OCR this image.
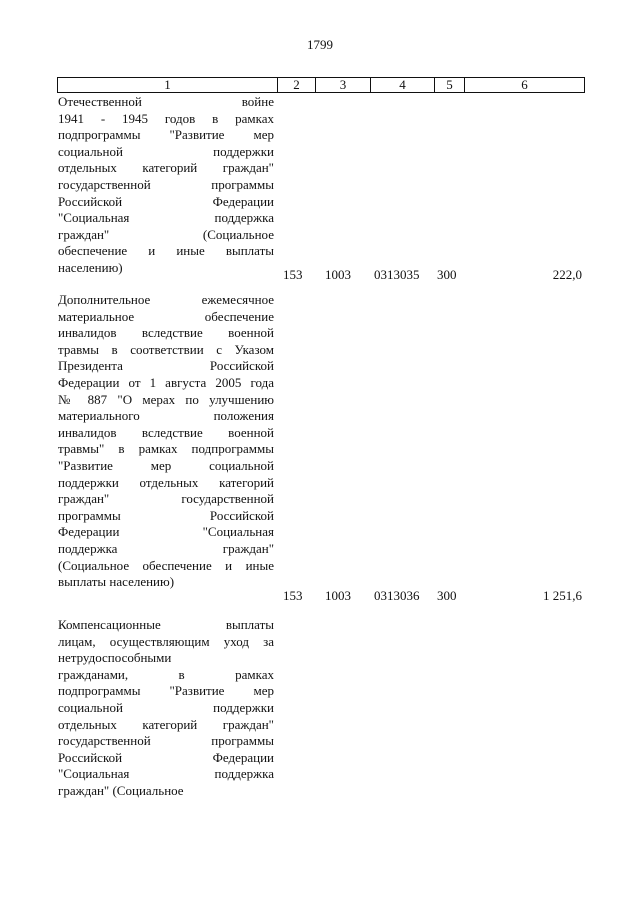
1799
1	2	3	4	5	6

Отечественной войне
1941 - 1945 годов в рамках
подпрограммы "Развитие мер
социальной поддержки
отдельных категорий граждан"
государственной программы
Российской Федерации
"Социальная поддержка
граждан" (Социальное
обеспечение и иные выплаты
населению)	153 1003 0313035 300	222,0

Дополнительное ежемесячное
материальное обеспечение
инвалидов вследствие военной
травмы в соответствии с Указом
Президента Российской
Федерации от 1 августа 2005 года
№ 887 "О мерах по улучшению
материального положения
инвалидов вследствие военной
травмы" в рамках подпрограммы
"Развитие мер социальной
поддержки отдельных категорий
граждан" государственной
программы Российской
Федерации "Социальная
поддержка граждан"
(Социальное обеспечение и иные
выплаты населению)

153 1003 0313036 300	1 251,6

Компенсационные выплаты
лицам, осуществляющим уход за
нетрудоспособными
гражданами, в рамках
подпрограммы "Развитие мер
социальной поддержки
отдельных категорий граждан"
государственной программы
Российской Федерации
"Социальная поддержка
граждан" (Социальное
